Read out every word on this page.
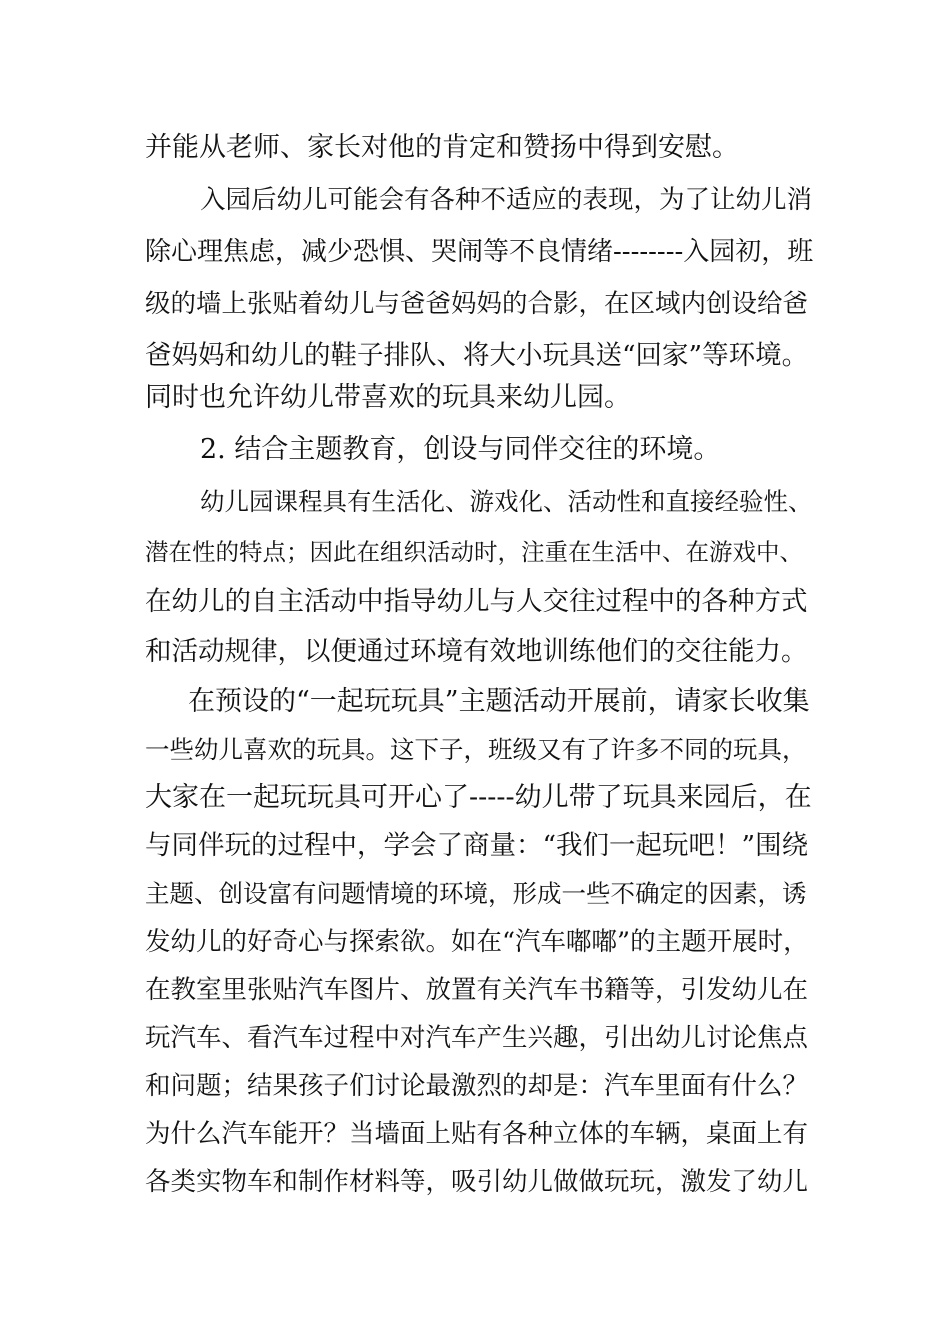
并能从老师、家长对他的肯定和赞扬中得到安慰。
入园后幼儿可能会有各种不适应的表现，为了让幼儿消
除心理焦虑，减少恐惧、哭闹等不良情绪--------入园初，班
级的墙上张贴着幼儿与爸爸妈妈的合影，在区域内创设给爸
爸妈妈和幼儿的鞋子排队、将大小玩具送“回家”等环境。
同时也允许幼儿带喜欢的玩具来幼儿园。
2. 结合主题教育，创设与同伴交往的环境。
幼儿园课程具有生活化、游戏化、活动性和直接经验性、
潜在性的特点；因此在组织活动时，注重在生活中、在游戏中、
在幼儿的自主活动中指导幼儿与人交往过程中的各种方式
和活动规律，以便通过环境有效地训练他们的交往能力。
在预设的“一起玩玩具”主题活动开展前，请家长收集
一些幼儿喜欢的玩具。这下子，班级又有了许多不同的玩具，
大家在一起玩玩具可开心了-----幼儿带了玩具来园后，在
与同伴玩的过程中，学会了商量：“我们一起玩吧！”围绕
主题、创设富有问题情境的环境，形成一些不确定的因素，诱
发幼儿的好奇心与探索欲。如在“汽车嘟嘟”的主题开展时，
在教室里张贴汽车图片、放置有关汽车书籍等，引发幼儿在
玩汽车、看汽车过程中对汽车产生兴趣，引出幼儿讨论焦点
和问题；结果孩子们讨论最激烈的却是：汽车里面有什么？
为什么汽车能开？当墙面上贴有各种立体的车辆，桌面上有
各类实物车和制作材料等，吸引幼儿做做玩玩，激发了幼儿
